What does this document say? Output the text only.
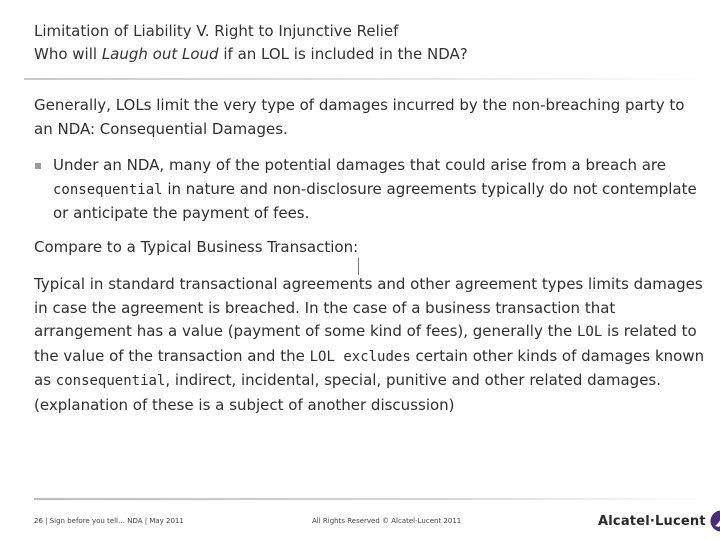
Limitation of Liability V. Right to Injunctive Relief
Who will Laugh out Loud if an LOL is included in the NDA?
Generally, LOLs limit the very type of damages incurred by the non-breaching party to an NDA: Consequential Damages.
▪ Under an NDA, many of the potential damages that could arise from a breach are consequential in nature and non-disclosure agreements typically do not contemplate or anticipate the payment of fees.
Compare to a Typical Business Transaction:
Typical in standard transactional agreements and other agreement types limits damages in case the agreement is breached. In the case of a business transaction that arrangement has a value (payment of some kind of fees), generally the LOL is related to the value of the transaction and the LOL excludes certain other kinds of damages known as consequential, indirect, incidental, special, punitive and other related damages. (explanation of these is a subject of another discussion)
26 | Sign before you tell… NDA | May 2011	All Rights Reserved © Alcatel-Lucent 2011	Alcatel·Lucent
